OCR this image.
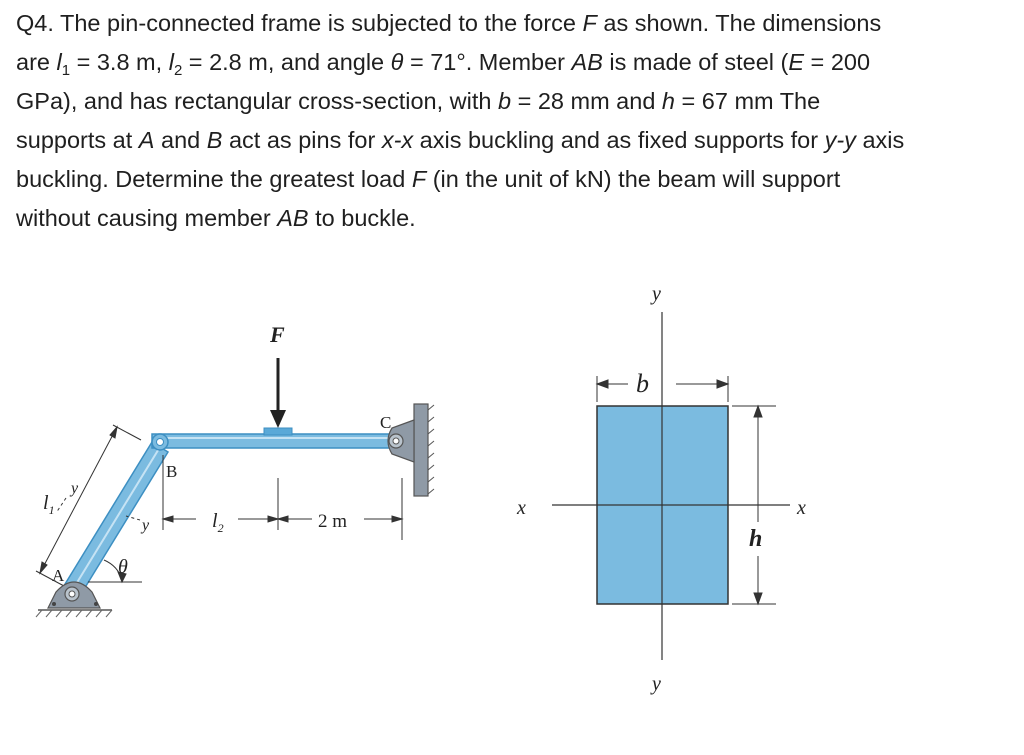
Q4. The pin-connected frame is subjected to the force F as shown. The dimensions
are $l_1 = 3.8$ m, $l_2 = 2.8$ m, and angle θ = 71°. Member AB is made of steel (E = 200
GPa), and has rectangular cross-section, with b = 28 mm and h = 67 mm The
supports at A and B act as pins for x-x axis buckling and as fixed supports for y-y axis
buckling. Determine the greatest load F (in the unit of kN) the beam will support
without causing member AB to buckle.
$l_1$
y
F
A
B
C
$l_2$	2 m
y
θ
y
y
x	x
b
h
